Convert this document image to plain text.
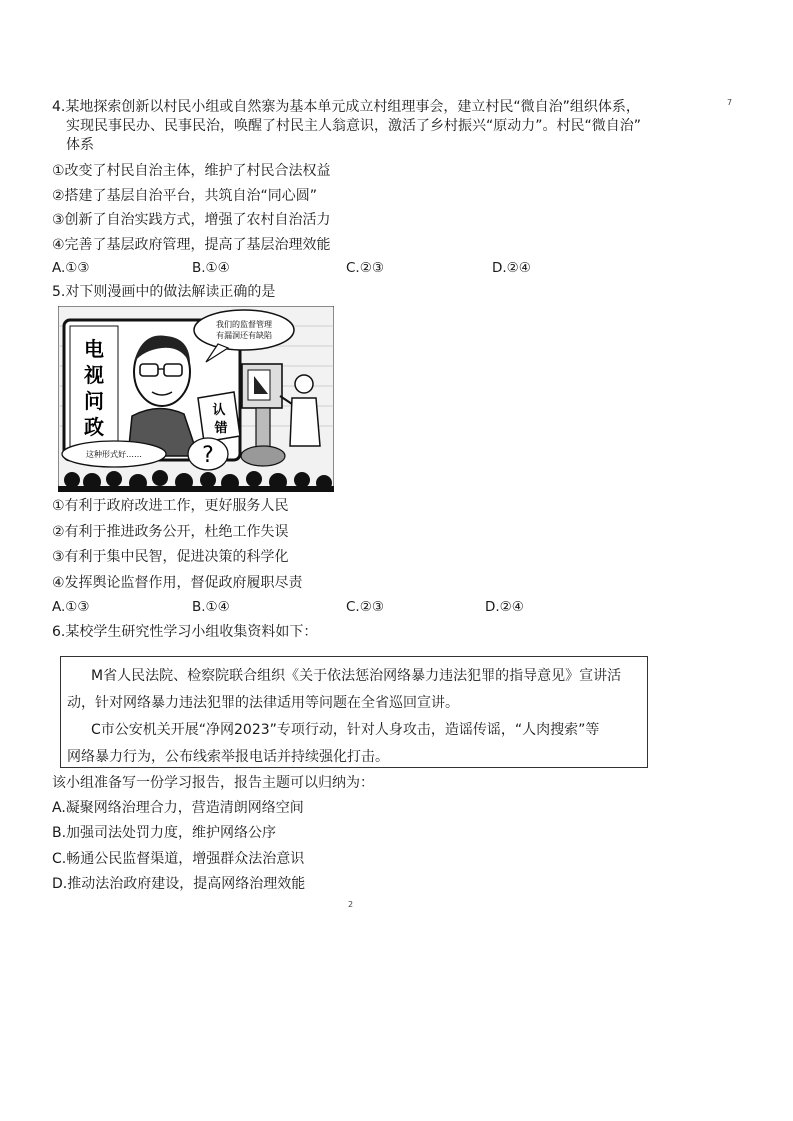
7
4.某地探索创新以村民小组或自然寨为基本单元成立村组理事会，建立村民“微自治”组织体系，
实现民事民办、民事民治，唤醒了村民主人翁意识，激活了乡村振兴“原动力”。村民“微自治”
体系
①改变了村民自治主体，维护了村民合法权益
②搭建了基层自治平台，共筑自治“同心圆”
③创新了自治实践方式，增强了农村自治活力
④完善了基层政府管理，提高了基层治理效能
A.①③	B.①④	C.②③	D.②④
5.对下则漫画中的做法解读正确的是
电
视
问
政
认
错
我们的监督管理
有漏洞还有缺陷
这种形式好……	?
①有利于政府改进工作，更好服务人民
②有利于推进政务公开，杜绝工作失误
③有利于集中民智，促进决策的科学化
④发挥舆论监督作用，督促政府履职尽责
A.①③	B.①④	C.②③	D.②④
6.某校学生研究性学习小组收集资料如下：
M省人民法院、检察院联合组织《关于依法惩治网络暴力违法犯罪的指导意见》宣讲活
动，针对网络暴力违法犯罪的法律适用等问题在全省巡回宣讲。
C市公安机关开展“净网2023”专项行动，针对人身攻击，造谣传谣，“人肉搜索”等
网络暴力行为，公布线索举报电话并持续强化打击。
该小组准备写一份学习报告，报告主题可以归纳为：
A.凝聚网络治理合力，营造清朗网络空间
B.加强司法处罚力度，维护网络公序
C.畅通公民监督渠道，增强群众法治意识
D.推动法治政府建设，提高网络治理效能
2
